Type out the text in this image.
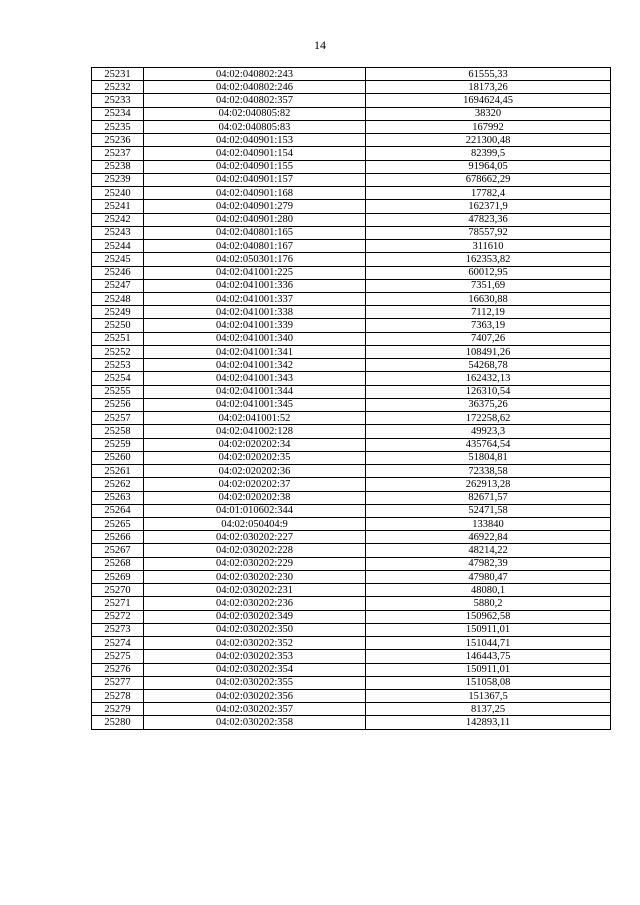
14
25231	04:02:040802:243	61555,33
25232	04:02:040802:246	18173,26
25233	04:02:040802:357	1694624,45
25234	04:02:040805:82	38320
25235	04:02:040805:83	167992
25236	04:02:040901:153	221300,48
25237	04:02:040901:154	82399,5
25238	04:02:040901:155	91964,05
25239	04:02:040901:157	678662,29
25240	04:02:040901:168	17782,4
25241	04:02:040901:279	162371,9
25242	04:02:040901:280	47823,36
25243	04:02:040801:165	78557,92
25244	04:02:040801:167	311610
25245	04:02:050301:176	162353,82
25246	04:02:041001:225	60012,95
25247	04:02:041001:336	7351,69
25248	04:02:041001:337	16630,88
25249	04:02:041001:338	7112,19
25250	04:02:041001:339	7363,19
25251	04:02:041001:340	7407,26
25252	04:02:041001:341	108491,26
25253	04:02:041001:342	54268,78
25254	04:02:041001:343	162432,13
25255	04:02:041001:344	126310,54
25256	04:02:041001:345	36375,26
25257	04:02:041001:52	172258,62
25258	04:02:041002:128	49923,3
25259	04:02:020202:34	435764,54
25260	04:02:020202:35	51804,81
25261	04:02:020202:36	72338,58
25262	04:02:020202:37	262913,28
25263	04:02:020202:38	82671,57
25264	04:01:010602:344	52471,58
25265	04:02:050404:9	133840
25266	04:02:030202:227	46922,84
25267	04:02:030202:228	48214,22
25268	04:02:030202:229	47982,39
25269	04:02:030202:230	47980,47
25270	04:02:030202:231	48080,1
25271	04:02:030202:236	5880,2
25272	04:02:030202:349	150962,58
25273	04:02:030202:350	150911,01
25274	04:02:030202:352	151044,71
25275	04:02:030202:353	146443,75
25276	04:02:030202:354	150911,01
25277	04:02:030202:355	151058,08
25278	04:02:030202:356	151367,5
25279	04:02:030202:357	8137,25
25280	04:02:030202:358	142893,11
